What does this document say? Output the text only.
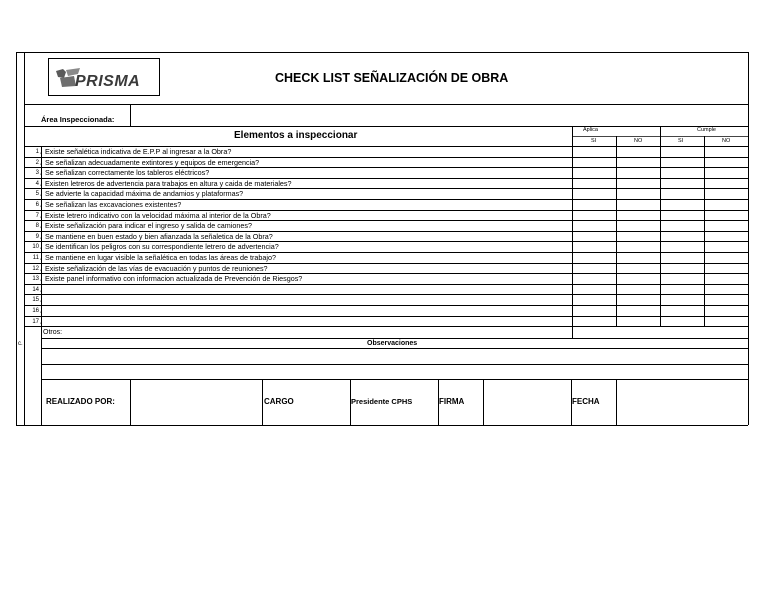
PRISMA	CHECK LIST SEÑALIZACIÓN DE OBRA
Área Inspeccionada:
Elementos a inspeccionar	Aplica	Cumple
SI	NO	SI	NO
1 c Existe señalética indicativa de E.P.P al ingresar a la Obra?
2 c Se señalizan adecuadamente extintores y equipos de emergencia?
3 c Se señalizan correctamente los tableros eléctricos?
4 c Existen letreros de advertencia para trabajos en altura y caida de materiales?
5 c Se advierte la capacidad máxima de andamios y plataformas?
6 c Se señalizan las excavaciones existentes?
7 c Existe letrero indicativo con la velocidad máxima al interior de la Obra?
8 c Existe señalización para indicar el ingreso y salida de camiones?
9 c Se mantiene en buen estado y bien afianzada la señaletica de la Obra?
10 c Se identifican los peligros con su correspondiente letrero de advertencia?
11 c Se mantiene en lugar visible la señalética en todas las áreas de trabajo?
12 c Existe señalización de las vías de evacuación y puntos de reuniones?
13 c Existe panel informativo con informacion actualizada de Prevención de Riesgos?
14 c
15 c
16 c
17 c
Otros:
c.	Observaciones
REALIZADO POR:	CARGO	Presidente CPHS	FIRMA	FECHA
